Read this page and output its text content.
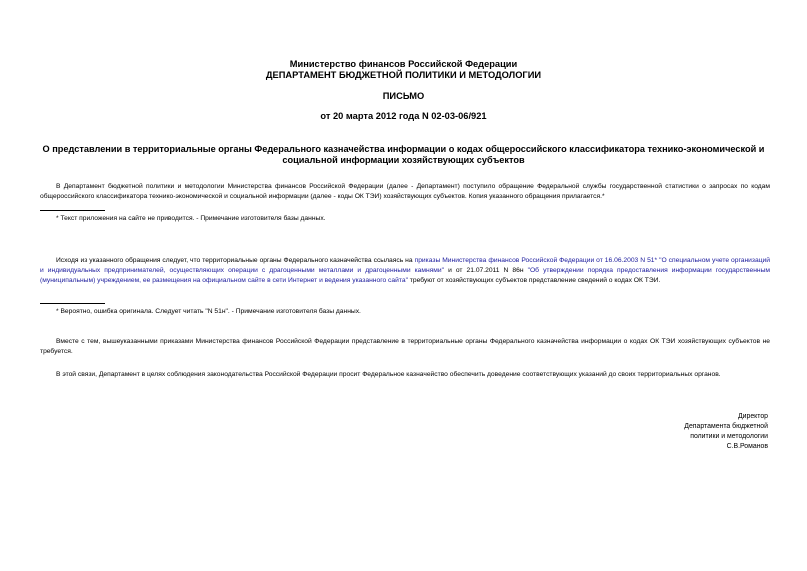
Министерство финансов Российской Федерации
ДЕПАРТАМЕНТ БЮДЖЕТНОЙ ПОЛИТИКИ И МЕТОДОЛОГИИ
ПИСЬМО
от 20 марта 2012 года N 02-03-06/921
О представлении в территориальные органы Федерального казначейства информации о кодах общероссийского классификатора технико-экономической и социальной информации хозяйствующих субъектов
В Департамент бюджетной политики и методологии Министерства финансов Российской Федерации (далее - Департамент) поступило обращение Федеральной службы государственной статистики о запросах по кодам общероссийского классификатора технико-экономической и социальной информации (далее - коды ОК ТЭИ) хозяйствующих субъектов. Копия указанного обращения прилагается.*
* Текст приложения на сайте не приводится. - Примечание изготовителя базы данных.
Исходя из указанного обращения следует, что территориальные органы Федерального казначейства ссылаясь на приказы Министерства финансов Российской Федерации от 16.06.2003 N 51* "О специальном учете организаций и индивидуальных предпринимателей, осуществляющих операции с драгоценными металлами и драгоценными камнями" и от 21.07.2011 N 86н "Об утверждении порядка предоставления информации государственным (муниципальным) учреждением, ее размещения на официальном сайте в сети Интернет и ведения указанного сайта" требуют от хозяйствующих субъектов представление сведений о кодах ОК ТЭИ.
* Вероятно, ошибка оригинала. Следует читать "N 51н". - Примечание изготовителя базы данных.
Вместе с тем, вышеуказанными приказами Министерства финансов Российской Федерации представление в территориальные органы Федерального казначейства информации о кодах ОК ТЭИ хозяйствующих субъектов не требуется.
В этой связи, Департамент в целях соблюдения законодательства Российской Федерации просит Федеральное казначейство обеспечить доведение соответствующих указаний до своих территориальных органов.
Директор
Департамента бюджетной
политики и методологии
С.В.Романов
